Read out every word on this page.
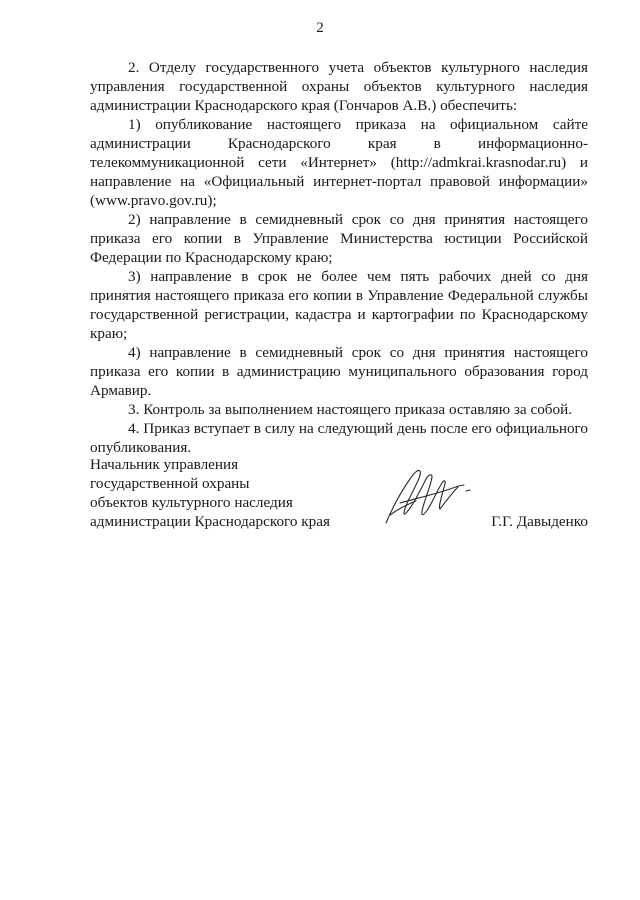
2

2. Отделу государственного учета объектов культурного наследия управления государственной охраны объектов культурного наследия администрации Краснодарского края (Гончаров А.В.) обеспечить:

1) опубликование настоящего приказа на официальном сайте администрации Краснодарского края в информационно-телекоммуникационной сети «Интернет» (http://admkrai.krasnodar.ru) и направление на «Официальный интернет-портал правовой информации» (www.pravo.gov.ru);

2) направление в семидневный срок со дня принятия настоящего приказа его копии в Управление Министерства юстиции Российской Федерации по Краснодарскому краю;

3) направление в срок не более чем пять рабочих дней со дня принятия настоящего приказа его копии в Управление Федеральной службы государственной регистрации, кадастра и картографии по Краснодарскому краю;

4) направление в семидневный срок со дня принятия настоящего приказа его копии в администрацию муниципального образования город Армавир.

3. Контроль за выполнением настоящего приказа оставляю за собой.

4. Приказ вступает в силу на следующий день после его официального опубликования.

Начальник управления
государственной охраны
объектов культурного наследия
администрации Краснодарского края	Г.Г. Давыденко
